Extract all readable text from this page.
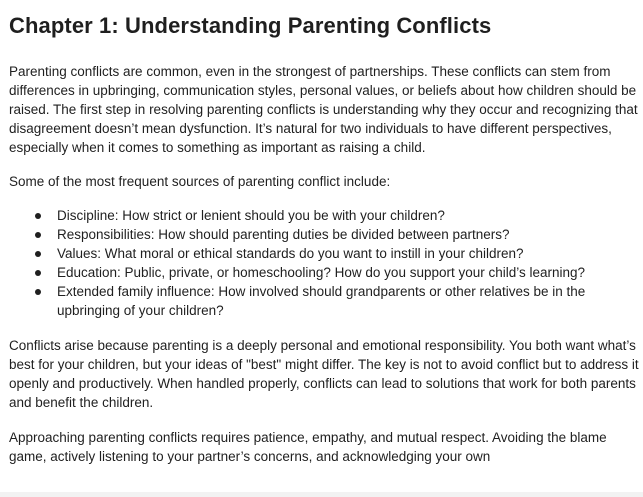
Chapter 1: Understanding Parenting Conflicts

Parenting conflicts are common, even in the strongest of partnerships. These conflicts can stem from differences in upbringing, communication styles, personal values, or beliefs about how children should be raised. The first step in resolving parenting conflicts is understanding why they occur and recognizing that disagreement doesn’t mean dysfunction. It’s natural for two individuals to have different perspectives, especially when it comes to something as important as raising a child.

Some of the most frequent sources of parenting conflict include:

Discipline: How strict or lenient should you be with your children?
Responsibilities: How should parenting duties be divided between partners?
Values: What moral or ethical standards do you want to instill in your children?
Education: Public, private, or homeschooling? How do you support your child’s learning?
Extended family influence: How involved should grandparents or other relatives be in the upbringing of your children?

Conflicts arise because parenting is a deeply personal and emotional responsibility. You both want what’s best for your children, but your ideas of "best" might differ. The key is not to avoid conflict but to address it openly and productively. When handled properly, conflicts can lead to solutions that work for both parents and benefit the children.

Approaching parenting conflicts requires patience, empathy, and mutual respect. Avoiding the blame game, actively listening to your partner’s concerns, and acknowledging your own
